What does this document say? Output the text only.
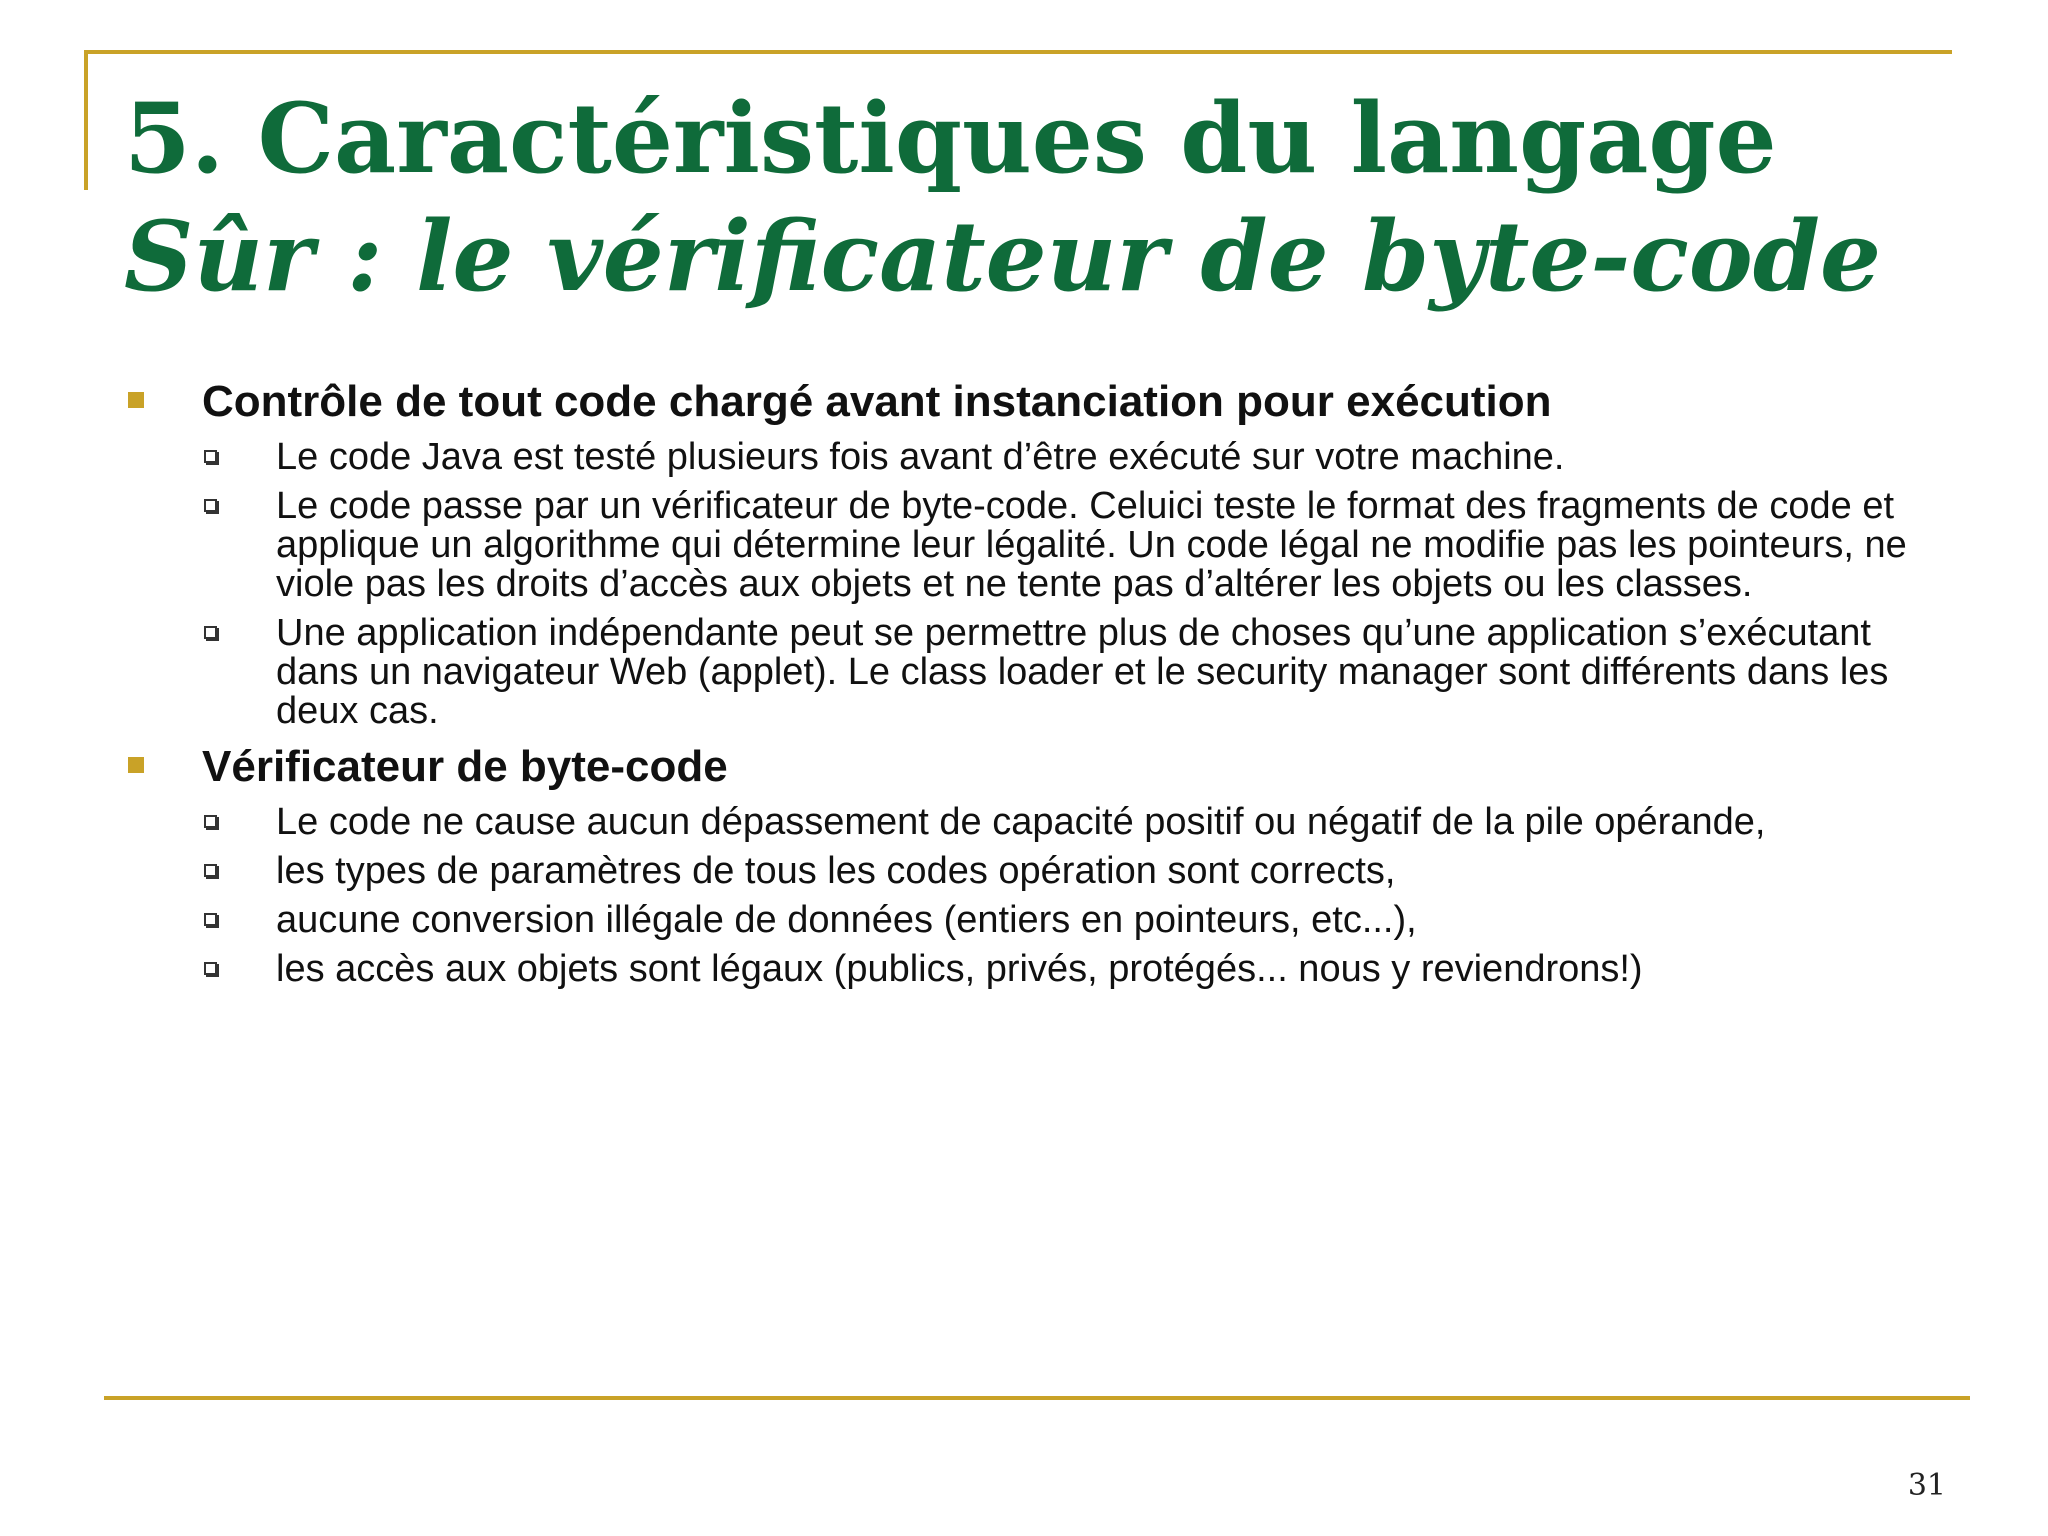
5. Caractéristiques du langage
Sûr : le vérificateur de byte-code
Contrôle de tout code chargé avant instanciation pour exécution
Le code Java est testé plusieurs fois avant d’être exécuté sur votre machine.
Le code passe par un vérificateur de byte-code. Celuici teste le format des fragments de code et applique un algorithme qui détermine leur légalité. Un code légal ne modifie pas les pointeurs, ne viole pas les droits d’accès aux objets et ne tente pas d’altérer les objets ou les classes.
Une application indépendante peut se permettre plus de choses qu’une application s’exécutant dans un navigateur Web (applet). Le class loader et le security manager sont différents dans les deux cas.
Vérificateur de byte-code
Le code ne cause aucun dépassement de capacité positif ou négatif de la pile opérande,
les types de paramètres de tous les codes opération sont corrects,
aucune conversion illégale de données (entiers en pointeurs, etc...),
les accès aux objets sont légaux (publics, privés, protégés... nous y reviendrons!)
31
